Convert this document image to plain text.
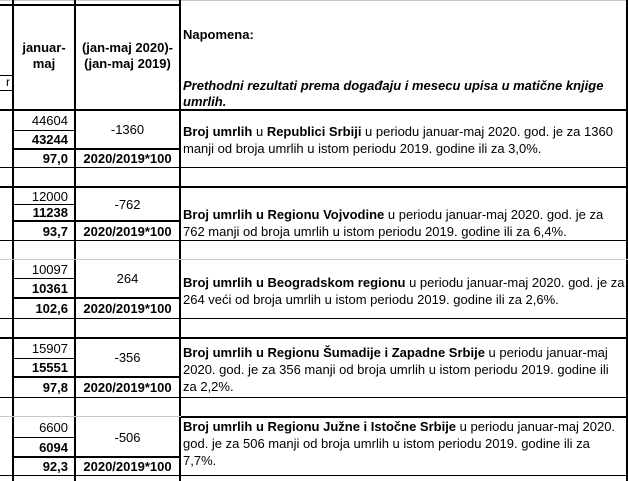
r
januar-
maj
(jan-maj 2020)-
(jan-maj 2019)
Napomena:
Prethodni rezultati prema događaju i mesecu upisa u matične knjige umrlih.
44604
43244
97,0
-1360
2020/2019*100
Broj umrlih u Republici Srbiji u periodu januar-maj 2020. god. je za 1360 manji od broja umrlih u istom periodu 2019. godine ili za 3,0%.
12000
11238
93,7
-762
2020/2019*100
Broj umrlih u Regionu Vojvodine u periodu januar-maj 2020. god. je za 762 manji od broja umrlih u istom periodu 2019. godine ili za 6,4%.
10097
10361
102,6
264
2020/2019*100
Broj umrlih u Beogradskom regionu u periodu januar-maj 2020. god. je za 264 veći od broja umrlih u istom periodu 2019. godine ili za 2,6%.
15907
15551
97,8
-356
2020/2019*100
Broj umrlih u Regionu Šumadije i Zapadne Srbije u periodu januar-maj 2020. god. je za 356 manji od broja umrlih u istom periodu 2019. godine ili za 2,2%.
6600
6094
92,3
-506
2020/2019*100
Broj umrlih u Regionu Južne i Istočne Srbije u periodu januar-maj 2020. god. je za 506 manji od broja umrlih u istom periodu 2019. godine ili za 7,7%.
